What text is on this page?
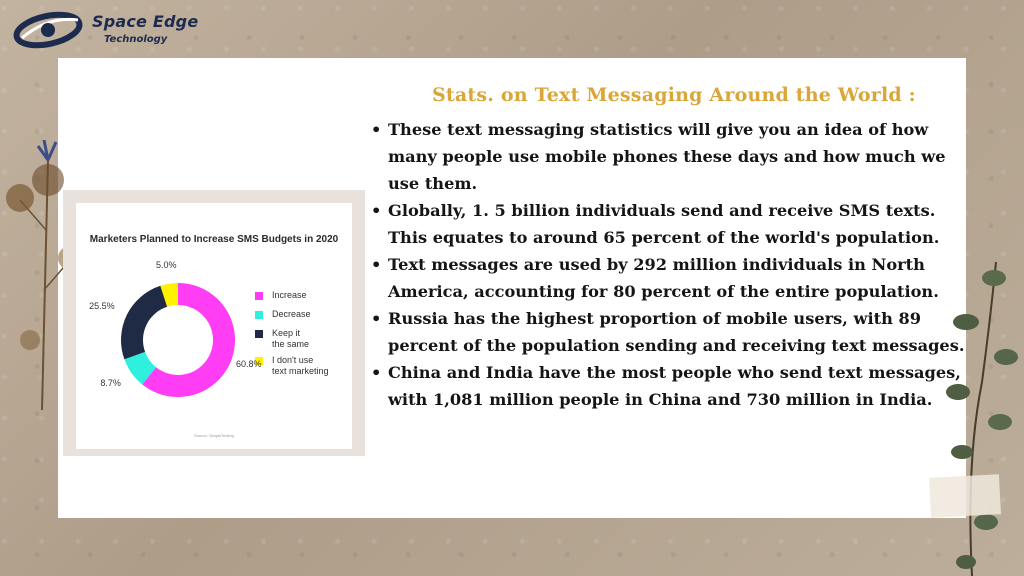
Space Edge
Technology
Marketers Planned to Increase SMS Budgets in 2020
Increase
Decrease
Keep it
the same
I don't use
text marketing
60.8%
8.7%
25.5%
5.0%
Source: SimpleTexting
Stats. on Text Messaging Around the World :
• These text messaging statistics will give you an idea of how many people use mobile phones these days and how much we use them.
• Globally, 1. 5 billion individuals send and receive SMS texts. This equates to around 65 percent of the world's population.
• Text messages are used by 292 million individuals in North America, accounting for 80 percent of the entire population.
• Russia has the highest proportion of mobile users, with 89 percent of the population sending and receiving text messages.
• China and India have the most people who send text messages, with 1,081 million people in China and 730 million in India.
